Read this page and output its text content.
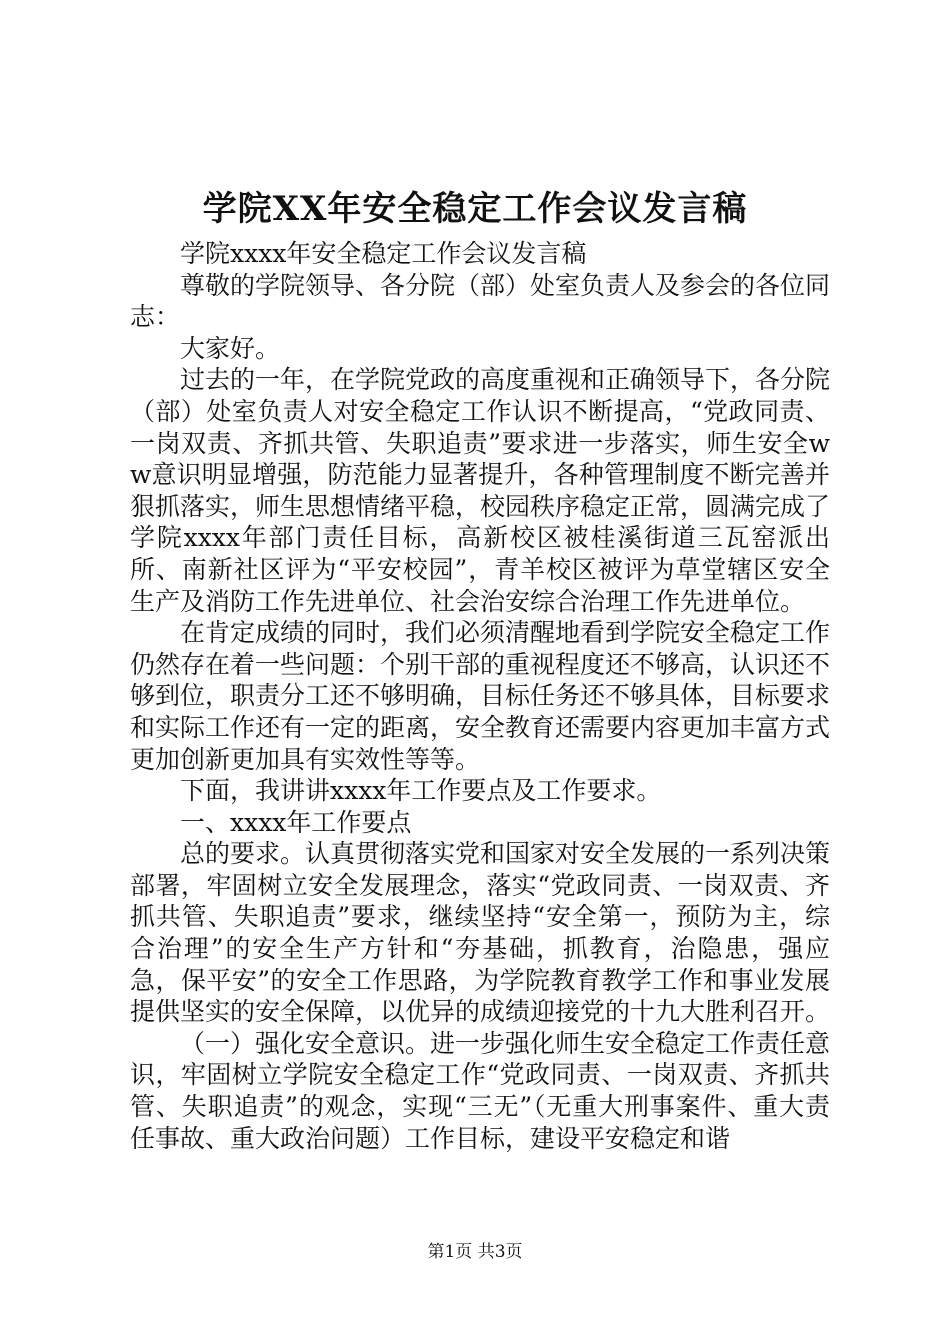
学院XX年安全稳定工作会议发言稿

学院xxxx年安全稳定工作会议发言稿

尊敬的学院领导、各分院（部）处室负责人及参会的各位同志：

大家好。

过去的一年，在学院党政的高度重视和正确领导下，各分院（部）处室负责人对安全稳定工作认识不断提高，“党政同责、一岗双责、齐抓共管、失职追责”要求进一步落实，师生安全ww意识明显增强，防范能力显著提升，各种管理制度不断完善并狠抓落实，师生思想情绪平稳，校园秩序稳定正常，圆满完成了学院xxxx年部门责任目标，高新校区被桂溪街道三瓦窑派出所、南新社区评为“平安校园”，青羊校区被评为草堂辖区安全生产及消防工作先进单位、社会治安综合治理工作先进单位。

在肯定成绩的同时，我们必须清醒地看到学院安全稳定工作仍然存在着一些问题：个别干部的重视程度还不够高，认识还不够到位，职责分工还不够明确，目标任务还不够具体，目标要求和实际工作还有一定的距离，安全教育还需要内容更加丰富方式更加创新更加具有实效性等等。

下面，我讲讲xxxx年工作要点及工作要求。

一、xxxx年工作要点

总的要求。认真贯彻落实党和国家对安全发展的一系列决策部署，牢固树立安全发展理念，落实“党政同责、一岗双责、齐抓共管、失职追责”要求，继续坚持“安全第一，预防为主，综合治理”的安全生产方针和“夯基础，抓教育，治隐患，强应急，保平安”的安全工作思路，为学院教育教学工作和事业发展提供坚实的安全保障，以优异的成绩迎接党的十九大胜利召开。

（一）强化安全意识。进一步强化师生安全稳定工作责任意识，牢固树立学院安全稳定工作“党政同责、一岗双责、齐抓共管、失职追责”的观念，实现“三无”（无重大刑事案件、重大责任事故、重大政治问题）工作目标，建设平安稳定和谐

第1页 共3页
